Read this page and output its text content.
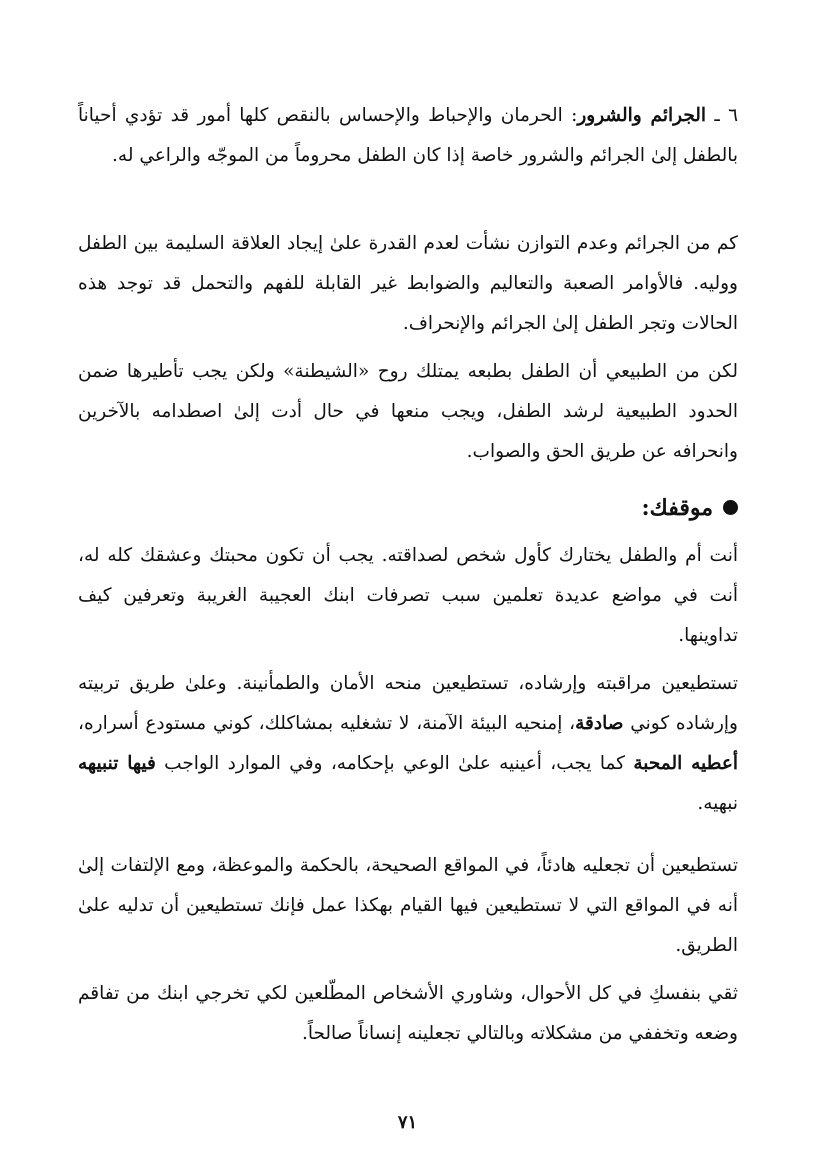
٦ ـ الجرائم والشرور: الحرمان والإحباط والإحساس بالنقص كلها أمور قد تؤدي أحياناً بالطفل إلىٰ الجرائم والشرور خاصة إذا كان الطفل محروماً من الموجّه والراعي له.

كم من الجرائم وعدم التوازن نشأت لعدم القدرة علىٰ إيجاد العلاقة السليمة بين الطفل ووليه. فالأوامر الصعبة والتعاليم والضوابط غير القابلة للفهم والتحمل قد توجد هذه الحالات وتجر الطفل إلىٰ الجرائم والإنحراف.

لكن من الطبيعي أن الطفل بطبعه يمتلك روح «الشيطنة» ولكن يجب تأطيرها ضمن الحدود الطبيعية لرشد الطفل، ويجب منعها في حال أدت إلىٰ اصطدامه بالآخرين وانحرافه عن طريق الحق والصواب.

موقفك:

أنت أم والطفل يختارك كأول شخص لصداقته. يجب أن تكون محبتك وعشقك كله له، أنت في مواضع عديدة تعلمين سبب تصرفات ابنك العجيبة الغريبة وتعرفين كيف تداوينها.

تستطيعين مراقبته وإرشاده، تستطيعين منحه الأمان والطمأنينة. وعلىٰ طريق تربيته وإرشاده كوني صادقة، إمنحيه البيئة الآمنة، لا تشغليه بمشاكلك، كوني مستودع أسراره، أعطيه المحبة كما يجب، أعينيه علىٰ الوعي بإحكامه، وفي الموارد الواجب فيها تنبيهه نبهيه.

تستطيعين أن تجعليه هادئاً، في المواقع الصحيحة، بالحكمة والموعظة، ومع الإلتفات إلىٰ أنه في المواقع التي لا تستطيعين فيها القيام بهكذا عمل فإنك تستطيعين أن تدليه علىٰ الطريق.

ثقي بنفسكِ في كل الأحوال، وشاوري الأشخاص المطّلعين لكي تخرجي ابنك من تفاقم وضعه وتخففي من مشكلاته وبالتالي تجعلينه إنساناً صالحاً.

٧١
